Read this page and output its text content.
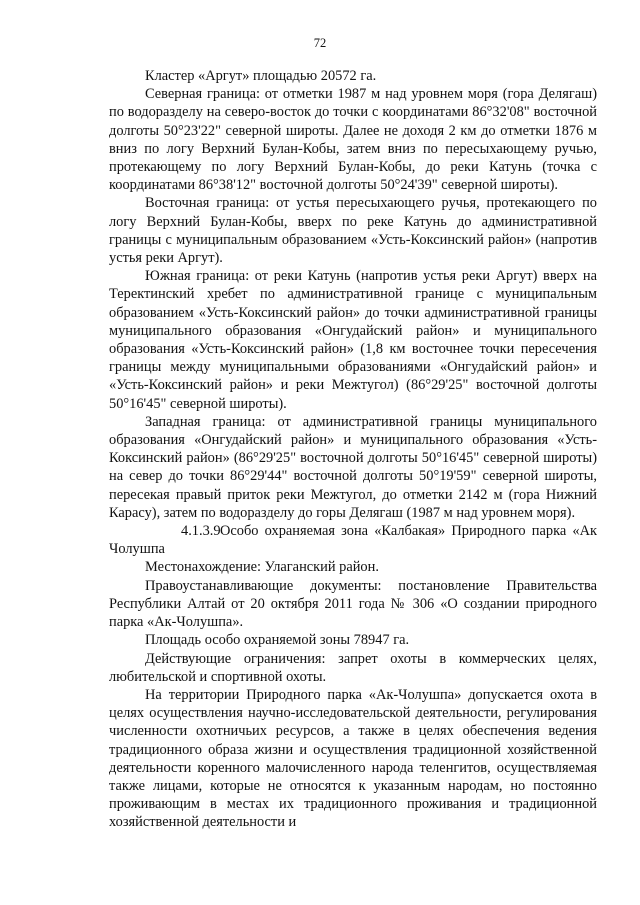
72

Кластер «Аргут» площадью 20572 га.

Северная граница: от отметки 1987 м над уровнем моря (гора Делягаш) по водоразделу на северо-восток до точки с координатами 86°32'08" восточной долготы 50°23'22" северной широты. Далее не доходя 2 км до отметки 1876 м вниз по логу Верхний Булан-Кобы, затем вниз по пересыхающему ручью, протекающему по логу Верхний Булан-Кобы, до реки Катунь (точка с координатами 86°38'12" восточной долготы 50°24'39" северной широты).

Восточная граница: от устья пересыхающего ручья, протекающего по логу Верхний Булан-Кобы, вверх по реке Катунь до административной границы с муниципальным образованием «Усть-Коксинский район» (напротив устья реки Аргут).

Южная граница: от реки Катунь (напротив устья реки Аргут) вверх на Теректинский хребет по административной границе с муниципальным образованием «Усть-Коксинский район» до точки административной границы муниципального образования «Онгудайский район» и муниципального образования «Усть-Коксинский район» (1,8 км восточнее точки пересечения границы между муниципальными образованиями «Онгудайский район» и «Усть-Коксинский район» и реки Межтугол) (86°29'25" восточной долготы 50°16'45" северной широты).

Западная граница: от административной границы муниципального образования «Онгудайский район» и муниципального образования «Усть-Коксинский район» (86°29'25" восточной долготы 50°16'45" северной широты) на север до точки 86°29'44" восточной долготы 50°19'59" северной широты, пересекая правый приток реки Межтугол, до отметки 2142 м (гора Нижний Карасу), затем по водоразделу до горы Делягаш (1987 м над уровнем моря).

4.1.3.9Особо охраняемая зона «Калбакая» Природного парка «Ак Чолушпа

Местонахождение: Улаганский район.

Правоустанавливающие документы: постановление Правительства Республики Алтай от 20 октября 2011 года № 306 «О создании природного парка «Ак-Чолушпа».

Площадь особо охраняемой зоны 78947 га.

Действующие ограничения: запрет охоты в коммерческих целях, любительской и спортивной охоты.

На территории Природного парка «Ак-Чолушпа» допускается охота в целях осуществления научно-исследовательской деятельности, регулирования численности охотничьих ресурсов, а также в целях обеспечения ведения традиционного образа жизни и осуществления традиционной хозяйственной деятельности коренного малочисленного народа теленгитов, осуществляемая также лицами, которые не относятся к указанным народам, но постоянно проживающим в местах их традиционного проживания и традиционной хозяйственной деятельности и
